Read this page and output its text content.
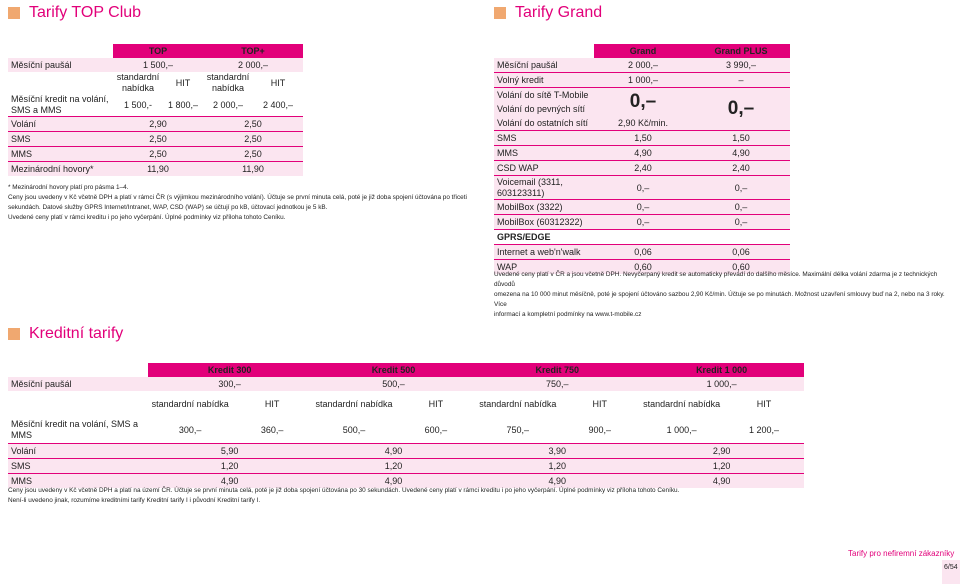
Tarify TOP Club	Tarify Grand
Kreditní tarify
	TOP		TOP+	
Měsíční paušál	1 500,–		2 000,–	
	standardní nabídka	HIT	standardní nabídka	HIT
Měsíční kredit na volání, SMS a MMS	1 500,-	1 800,–	2 000,–	2 400,–
Volání	2,90		2,50	
SMS	2,50		2,50	
MMS	2,50		2,50	
Mezinárodní hovory*	11,90		11,90	
* Mezinárodní hovory platí pro pásma 1–4.
Ceny jsou uvedeny v Kč včetně DPH a platí v rámci ČR (s výjimkou mezinárodního volání). Účtuje se první minuta celá, poté je již doba spojení účtována po třiceti
sekundách. Datové služby GPRS Internet/Intranet, WAP, CSD (WAP) se účtují po kB, účtovací jednotkou je 5 kB.
Uvedené ceny platí v rámci kreditu i po jeho vyčerpání. Úplné podmínky viz příloha tohoto Ceníku.
	Grand	Grand PLUS
Měsíční paušál	2 000,–	3 990,–
Volný kredit	1 000,–	–
Volání do sítě T-Mobile	0,–	0,–
Volání do pevných sítí		
Volání do ostatních sítí	2,90 Kč/min.	
SMS	1,50	1,50
MMS	4,90	4,90
CSD WAP	2,40	2,40
Voicemail (3311, 603123311)	0,–	0,–
MobilBox (3322)	0,–	0,–
MobilBox (60312322)	0,–	0,–
GPRS/EDGE		
Internet a web'n'walk	0,06	0,06
WAP	0,60	0,60
Uvedené ceny platí v ČR a jsou včetně DPH. Nevyčerpaný kredit se automaticky převádí do dalšího měsíce. Maximální délka volání zdarma je z technických důvodů
omezena na 10 000 minut měsíčně, poté je spojení účtováno sazbou 2,90 Kč/min. Účtuje se po minutách. Možnost uzavření smlouvy buď na 2, nebo na 3 roky. Více
informací a kompletní podmínky na www.t-mobile.cz
	Kredit 300		Kredit 500		Kredit 750		Kredit 1 000	
Měsíční paušál	300,–		500,–		750,–		1 000,–	
	standardní nabídka	HIT	standardní nabídka	HIT	standardní nabídka	HIT	standardní nabídka	HIT
Měsíční kredit na volání, SMS a MMS	300,–	360,–	500,–	600,–	750,–	900,–	1 000,–	1 200,–
Volání	5,90		4,90		3,90		2,90	
SMS	1,20		1,20		1,20		1,20	
MMS	4,90		4,90		4,90		4,90	
Ceny jsou uvedeny v Kč včetně DPH a platí na území ČR. Účtuje se první minuta celá, poté je již doba spojení účtována po 30 sekundách. Uvedené ceny platí v rámci kreditu i po jeho vyčerpání. Úplné podmínky viz příloha tohoto Ceníku.
Není-li uvedeno jinak, rozumíme kreditními tarify Kreditní tarify I i původní Kreditní tarify I.
Tarify pro nefiremní zákazníky
6/54
